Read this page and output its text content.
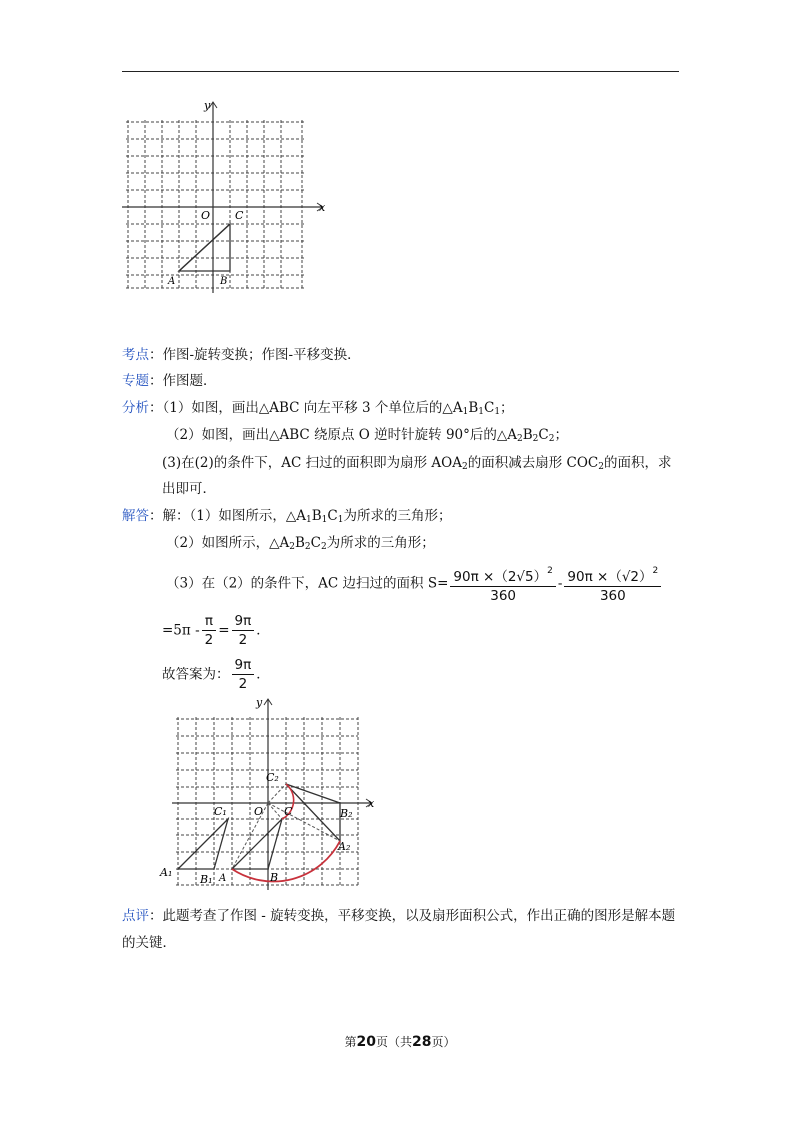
x
y
O C
A	B
考点：作图-旋转变换；作图-平移变换．
专题：作图题．
分析：（1）如图，画出△ABC 向左平移 3 个单位后的$\triangle A_1B_1C_1$；
（2）如图，画出△ABC 绕原点 O 逆时针旋转 90°后的$\triangle A_2B_2C_2$；
(3)在(2)的条件下，AC 扫过的面积即为扇形 $AOA_2$的面积减去扇形 $COC_2$的面积，求
出即可．
解答：解：（1）如图所示，$\triangle A_1B_1C_1$为所求的三角形；
（2）如图所示，$\triangle A_2B_2C_2$为所求的三角形；
（3）在（2）的条件下，AC 边扫过的面积 $S= \frac{90\pi \times(2√5)^2}{360} - \frac{90\pi \times(√2)^2}{360}$
$=5\pi - \frac{\pi}{2} = \frac{9\pi}{2}$ ．
故答案为： $\frac{9\pi}{2}$ ．
x
y
O
A₁
B₁
C₁
A	B
C
C₂
B₂
A₂
点评：此题考查了作图 - 旋转变换，平移变换，以及扇形面积公式，作出正确的图形是解本题
的关键．
第20页（共28页）
